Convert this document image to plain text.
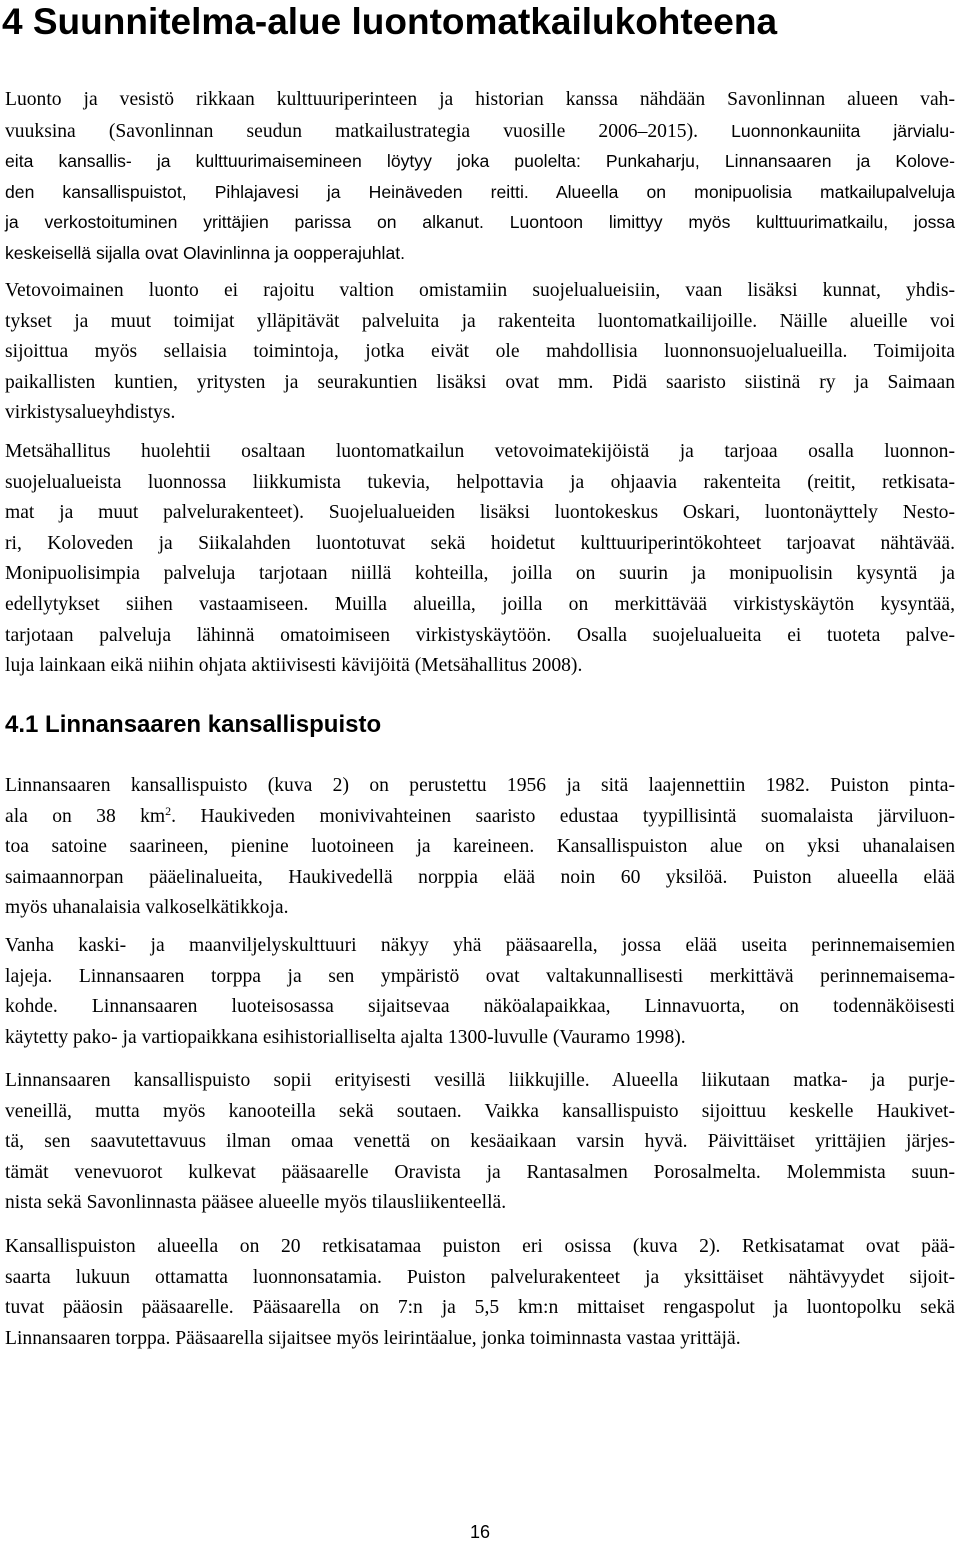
4 Suunnitelma-alue luontomatkailukohteena
Luonto ja vesistö rikkaan kulttuuriperinteen ja historian kanssa nähdään Savonlinnan alueen vah-
vuuksina (Savonlinnan seudun matkailustrategia vuosille 2006–2015). Luonnonkauniita järvialu-
eita kansallis- ja kulttuurimaisemineen löytyy joka puolelta: Punkaharju, Linnansaaren ja Kolove-
den kansallispuistot, Pihlajavesi ja Heinäveden reitti. Alueella on monipuolisia matkailupalveluja
ja verkostoituminen yrittäjien parissa on alkanut. Luontoon limittyy myös kulttuurimatkailu, jossa
keskeisellä sijalla ovat Olavinlinna ja oopperajuhlat.
Vetovoimainen luonto ei rajoitu valtion omistamiin suojelualueisiin, vaan lisäksi kunnat, yhdis-
tykset ja muut toimijat ylläpitävät palveluita ja rakenteita luontomatkailijoille. Näille alueille voi
sijoittua myös sellaisia toimintoja, jotka eivät ole mahdollisia luonnonsuojelualueilla. Toimijoita
paikallisten kuntien, yritysten ja seurakuntien lisäksi ovat mm. Pidä saaristo siistinä ry ja Saimaan
virkistysalueyhdistys.
Metsähallitus huolehtii osaltaan luontomatkailun vetovoimatekijöistä ja tarjoaa osalla luonnon-
suojelualueista luonnossa liikkumista tukevia, helpottavia ja ohjaavia rakenteita (reitit, retkisata-
mat ja muut palvelurakenteet). Suojelualueiden lisäksi luontokeskus Oskari, luontonäyttely Nesto-
ri, Koloveden ja Siikalahden luontotuvat sekä hoidetut kulttuuriperintökohteet tarjoavat nähtävää.
Monipuolisimpia palveluja tarjotaan niillä kohteilla, joilla on suurin ja monipuolisin kysyntä ja
edellytykset siihen vastaamiseen. Muilla alueilla, joilla on merkittävää virkistyskäytön kysyntää,
tarjotaan palveluja lähinnä omatoimiseen virkistyskäytöön. Osalla suojelualueita ei tuoteta palve-
luja lainkaan eikä niihin ohjata aktiivisesti kävijöitä (Metsähallitus 2008).
4.1 Linnansaaren kansallispuisto
Linnansaaren kansallispuisto (kuva 2) on perustettu 1956 ja sitä laajennettiin 1982. Puiston pinta-
ala on 38 $km^2$. Haukiveden monivivahteinen saaristo edustaa tyypillisintä suomalaista järviluon-
toa satoine saarineen, pienine luotoineen ja kareineen. Kansallispuiston alue on yksi uhanalaisen
saimaannorpan pääelinalueita, Haukivedellä norppia elää noin 60 yksilöä. Puiston alueella elää
myös uhanalaisia valkoselkätikkoja.
Vanha kaski- ja maanviljelyskulttuuri näkyy yhä pääsaarella, jossa elää useita perinnemaisemien
lajeja. Linnansaaren torppa ja sen ympäristö ovat valtakunnallisesti merkittävä perinnemaisema-
kohde. Linnansaaren luoteisosassa sijaitsevaa näköalapaikkaa, Linnavuorta, on todennäköisesti
käytetty pako- ja vartiopaikkana esihistorialliselta ajalta 1300-luvulle (Vauramo 1998).
Linnansaaren kansallispuisto sopii erityisesti vesillä liikkujille. Alueella liikutaan matka- ja purje-
veneillä, mutta myös kanooteilla sekä soutaen. Vaikka kansallispuisto sijoittuu keskelle Haukivet-
tä, sen saavutettavuus ilman omaa venettä on kesäaikaan varsin hyvä. Päivittäiset yrittäjien järjes-
tämät venevuorot kulkevat pääsaarelle Oravista ja Rantasalmen Porosalmelta. Molemmista suun-
nista sekä Savonlinnasta pääsee alueelle myös tilausliikenteellä.
Kansallispuiston alueella on 20 retkisatamaa puiston eri osissa (kuva 2). Retkisatamat ovat pää-
saarta lukuun ottamatta luonnonsatamia. Puiston palvelurakenteet ja yksittäiset nähtävyydet sijoit-
tuvat pääosin pääsaarelle. Pääsaarella on 7:n ja 5,5 km:n mittaiset rengaspolut ja luontopolku sekä
Linnansaaren torppa. Pääsaarella sijaitsee myös leirintäalue, jonka toiminnasta vastaa yrittäjä.
16
